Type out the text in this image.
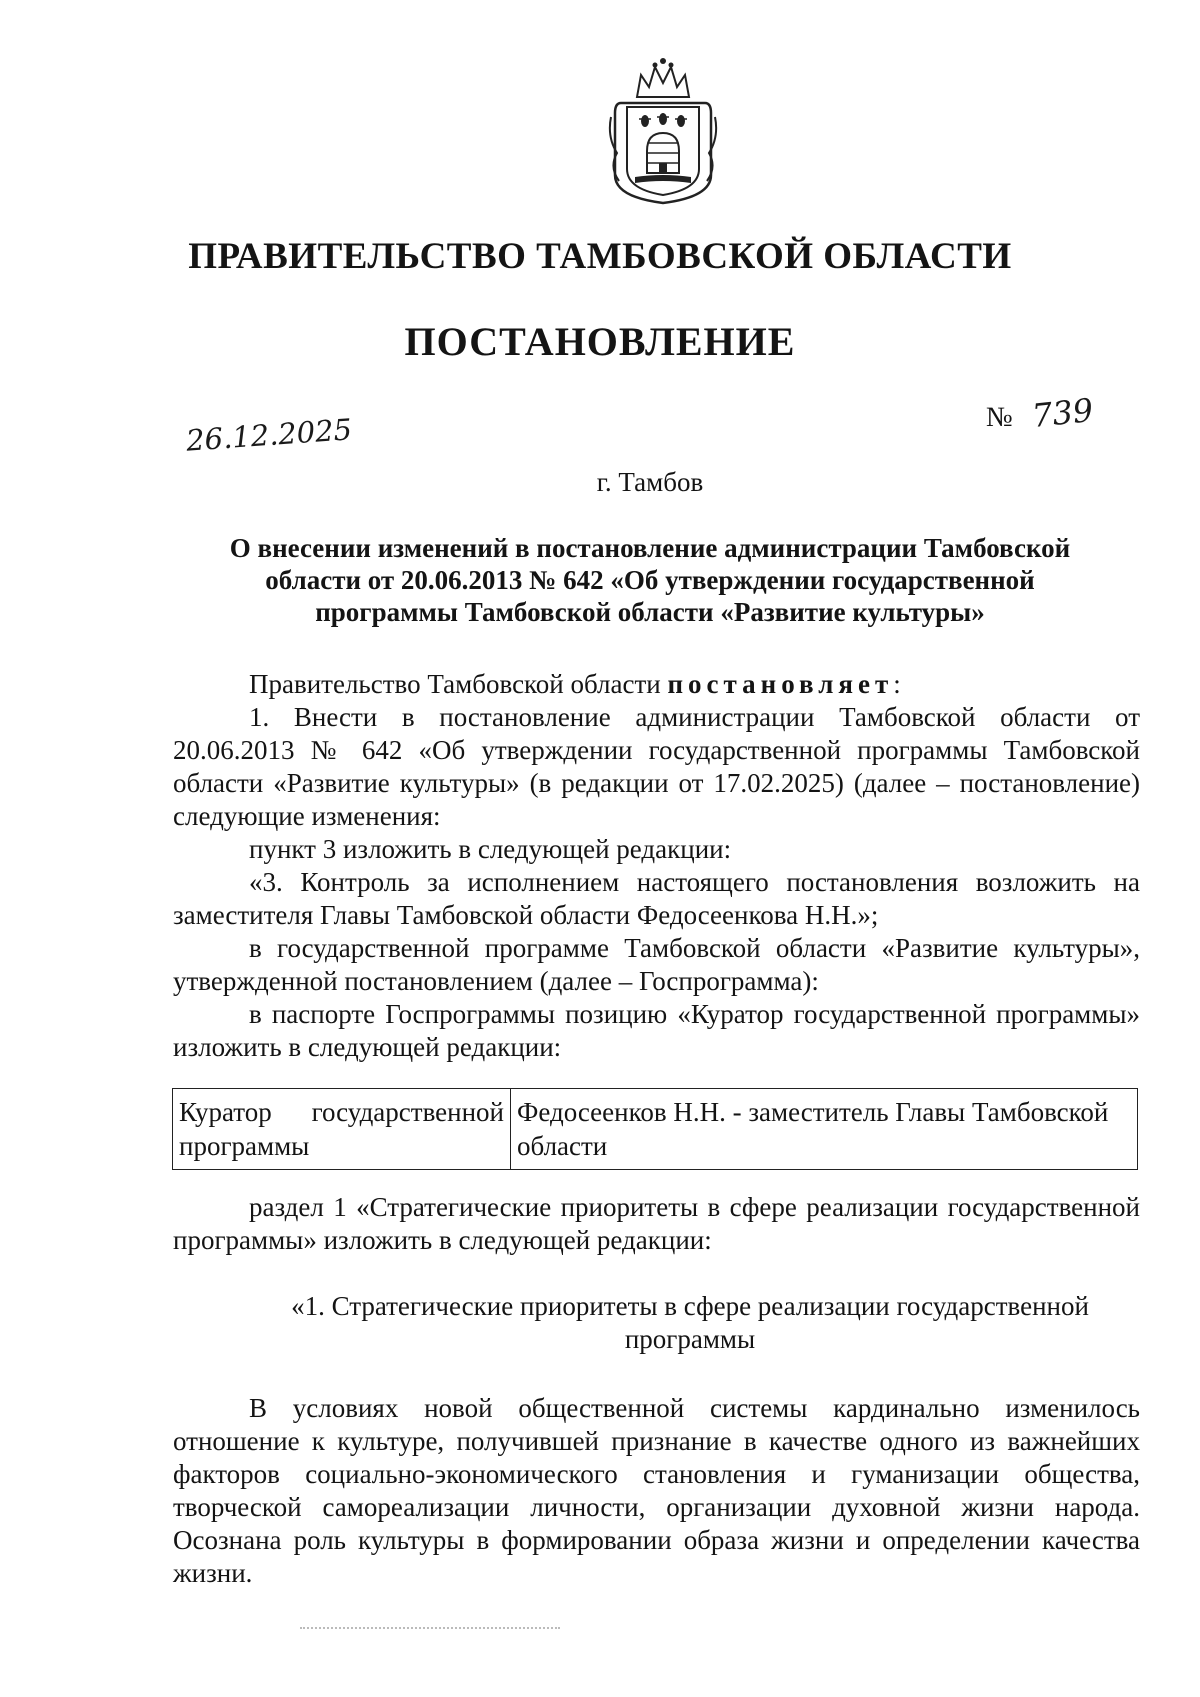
ПРАВИТЕЛЬСТВО ТАМБОВСКОЙ ОБЛАСТИ
ПОСТАНОВЛЕНИЕ
26.12.2025	№ 739
г. Тамбов
О внесении изменений в постановление администрации Тамбовской
области от 20.06.2013 № 642 «Об утверждении государственной
программы Тамбовской области «Развитие культуры»

Правительство Тамбовской области постановляет:

1. Внести в постановление администрации Тамбовской области от 20.06.2013 № 642 «Об утверждении государственной программы Тамбовской области «Развитие культуры» (в редакции от 17.02.2025) (далее – постановление) следующие изменения:

пункт 3 изложить в следующей редакции:

«3. Контроль за исполнением настоящего постановления возложить на заместителя Главы Тамбовской области Федосеенкова Н.Н.»;

в государственной программе Тамбовской области «Развитие культуры», утвержденной постановлением (далее – Госпрограмма):

в паспорте Госпрограммы позицию «Куратор государственной программы» изложить в следующей редакции:

Куратор государственной программы	Федосеенков Н.Н. - заместитель Главы Тамбовской области

раздел 1 «Стратегические приоритеты в сфере реализации государственной программы» изложить в следующей редакции:

«1. Стратегические приоритеты в сфере реализации государственной программы

В условиях новой общественной системы кардинально изменилось отношение к культуре, получившей признание в качестве одного из важнейших факторов социально-экономического становления и гуманизации общества, творческой самореализации личности, организации духовной жизни народа. Осознана роль культуры в формировании образа жизни и определении качества жизни.
